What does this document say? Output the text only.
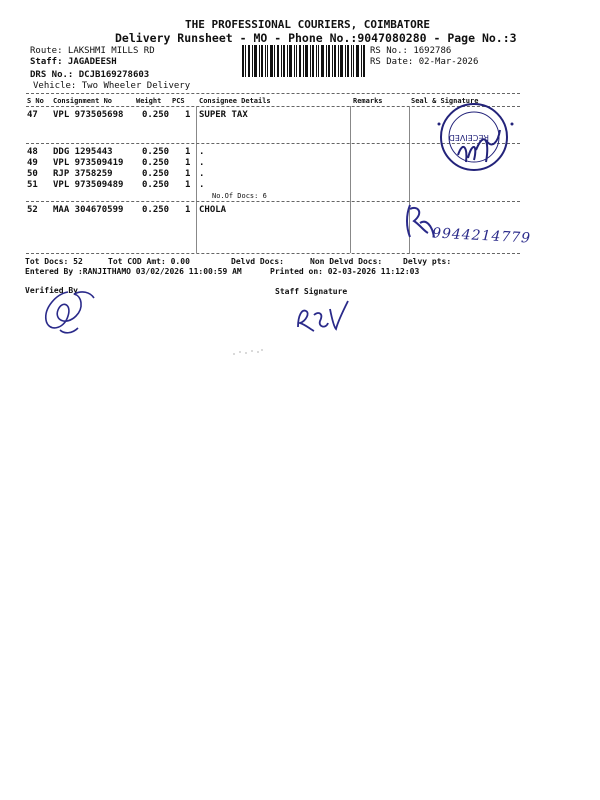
THE PROFESSIONAL COURIERS, COIMBATORE
Delivery Runsheet - MO - Phone No.:9047080280 - Page No.:3
Route: LAKSHMI MILLS RD
Staff: JAGADEESH
DRS No.: DCJB169278603
Vehicle: Two Wheeler Delivery
RS No.: 1692786
RS Date: 02-Mar-2026
S No Consignment No	Weight PCS Consignee Details	Remarks	Seal & Signature
47 VPL 973505698 0.250 1 SUPER TAX
48 DDG 1295443	0.250 1 .
49 VPL 973509419 0.250 1 .
50 RJP 3758259	0.250 1 .
51 VPL 973509489 0.250 1 .
No.Of Docs: 6
52 MAA 304670599 0.250 1 CHOLA
RECEIVED
9944214779
Tot Docs: 52	Tot COD Amt: 0.00	Delvd Docs:	Non Delvd Docs:	Delvy pts:
Entered By :RANJITHAMO 03/02/2026 11:00:59 AM	Printed on: 02-03-2026 11:12:03
Verified By	Staff Signature
